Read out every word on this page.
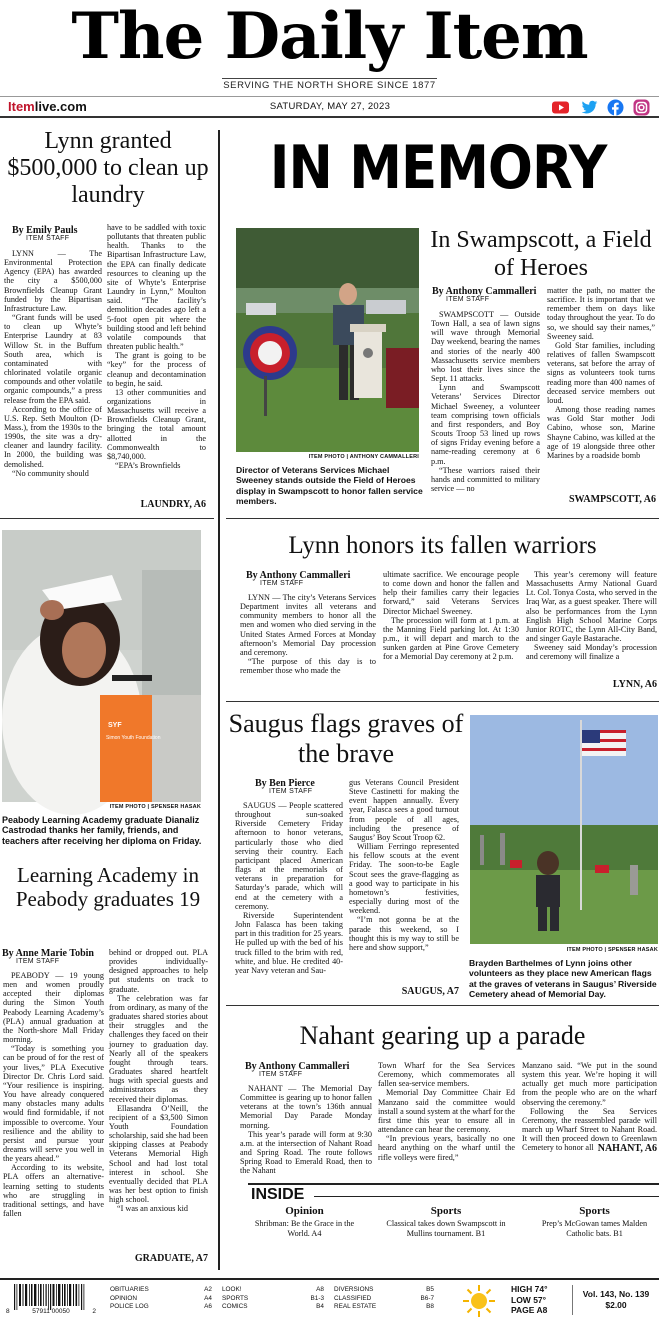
The Daily Item
SERVING THE NORTH SHORE SINCE 1877
Itemlive.com	SATURDAY, MAY 27, 2023
Lynn granted $500,000 to clean up laundry
By Emily Pauls
ITEM STAFF

LYNN — The Environmental Protection Agency (EPA) has awarded the city a $500,000 Brownfields Cleanup Grant funded by the Bipartisan Infrastructure Law.

“Grant funds will be used to clean up Whyte’s Enterprise Laundry at 83 Willow St. in the Buffum South area, which is contaminated with chlorinated volatile organic compounds and other volatile organic compounds,” a press release from the EPA said.

According to the office of U.S. Rep. Seth Moulton (D-Mass.), from the 1930s to the 1990s, the site was a dry-cleaner and laundry facility. In 2000, the building was demolished.

“No community should

have to be saddled with toxic pollutants that threaten public health. Thanks to the Bipartisan Infrastructure Law, the EPA can finally dedicate resources to cleaning up the site of Whyte’s Enterprise Laundry in Lynn,” Moulton said. “The facility’s demolition decades ago left a 5-foot open pit where the building stood and left behind volatile compounds that threaten public health.”

The grant is going to be “key” for the process of cleanup and decontamination to begin, he said.

13 other communities and organizations in Massachusetts will receive a Brownfields Cleanup Grant, bringing the total amount allotted in the Commonwealth to $8,740,000.

“EPA’s Brownfields

LAUNDRY, A6
SYF
Simon Youth Foundation
ITEM PHOTO | SPENSER HASAK
Peabody Learning Academy graduate Dianaliz Castrodad thanks her family, friends, and teachers after receiving her diploma on Friday.
Learning Academy in Peabody graduates 19
By Anne Marie Tobin
ITEM STAFF

PEABODY — 19 young men and women proudly accepted their diplomas during the Simon Youth Peabody Learning Academy’s (PLA) annual graduation at the North-shore Mall Friday morning.

“Today is something you can be proud of for the rest of your lives,” PLA Executive Director Dr. Chris Lord said. “Your resilience is inspiring. You have already conquered many obstacles many adults would find formidable, if not impossible to overcome. Your resilience and the ability to persist and pursue your dreams will serve you well in the years ahead.”

According to its website, PLA offers an alternative-learning setting to students who are struggling in traditional settings, and have fallen

behind or dropped out. PLA provides individually-designed approaches to help put students on track to graduate.

The celebration was far from ordinary, as many of the graduates shared stories about their struggles and the challenges they faced on their journey to graduation day. Nearly all of the speakers fought through tears. Graduates shared heartfelt hugs with special guests and administrators as they received their diplomas.

Ellasandra O’Neill, the recipient of a $3,500 Simon Youth Foundation scholarship, said she had been skipping classes at Peabody Veterans Memorial High School and had lost total interest in school. She eventually decided that PLA was her best option to finish high school.

“I was an anxious kid

GRADUATE, A7
IN MEMORY
ITEM PHOTO | ANTHONY CAMMALLERI
Director of Veterans Services Michael Sweeney stands outside the Field of Heroes display in Swampscott to honor fallen service members.
In Swampscott, a Field of Heroes
By Anthony Cammalleri
ITEM STAFF

SWAMPSCOTT — Outside Town Hall, a sea of lawn signs will wave through Memorial Day weekend, bearing the names and stories of the nearly 400 Massachusetts service members who lost their lives since the Sept. 11 attacks.

Lynn and Swampscott Veterans’ Services Director Michael Sweeney, a volunteer team comprising town officials and first responders, and Boy Scouts Troop 53 lined up rows of signs Friday evening before a name-reading ceremony at 6 p.m.

“These warriors raised their hands and committed to military service — no

matter the path, no matter the sacrifice. It is important that we remember them on days like today throughout the year. To do so, we should say their names,” Sweeney said.

Gold Star families, including relatives of fallen Swampscott veterans, sat before the array of signs as volunteers took turns reading more than 400 names of deceased service members out loud.

Among those reading names was Gold Star mother Jodi Cabino, whose son, Marine Shayne Cabino, was killed at the age of 19 alongside three other Marines by a roadside bomb

SWAMPSCOTT, A6
Lynn honors its fallen warriors
By Anthony Cammalleri
ITEM STAFF

LYNN — The city’s Veterans Services Department invites all veterans and community members to honor all the men and women who died serving in the United States Armed Forces at Monday afternoon’s Memorial Day procession and ceremony.

“The purpose of this day is to remember those who made the

ultimate sacrifice. We encourage people to come down and honor the fallen and help their families carry their legacies forward,” said Veterans Services Director Michael Sweeney.

The procession will form at 1 p.m. at the Manning Field parking lot. At 1:30 p.m., it will depart and march to the sunken garden at Pine Grove Cemetery for a Memorial Day ceremony at 2 p.m.

This year’s ceremony will feature Massachusetts Army National Guard Lt. Col. Tonya Costa, who served in the Iraq War, as a guest speaker. There will also be performances from the Lynn English High School Marine Corps Junior ROTC, the Lynn All-City Band, and singer Gayle Bastarache.

Sweeney said Monday’s procession and ceremony will finalize a

LYNN, A6
Saugus flags graves of the brave
By Ben Pierce
ITEM STAFF

SAUGUS — People scattered throughout sun-soaked Riverside Cemetery Friday afternoon to honor veterans, particularly those who died serving their country. Each participant placed American flags at the memorials of veterans in preparation for Saturday’s parade, which will end at the cemetery with a ceremony.

Riverside Superintendent John Falasca has been taking part in this tradition for 25 years. He pulled up with the bed of his truck filled to the brim with red, white, and blue. He credited 40-year Navy veteran and Sau-

gus Veterans Council President Steve Castinetti for making the event happen annually. Every year, Falasca sees a good turnout from people of all ages, including the presence of Saugus’ Boy Scout Troop 62.

William Ferringo represented his fellow scouts at the event Friday. The soon-to-be Eagle Scout sees the grave-flagging as a good way to participate in his hometown’s festivities, especially during most of the weekend.

“I’m not gonna be at the parade this weekend, so I thought this is my way to still be here and show support,”

SAUGUS, A7
ITEM PHOTO | SPENSER HASAK
Brayden Barthelmes of Lynn joins other volunteers as they place new American flags at the graves of veterans in Saugus’ Riverside Cemetery ahead of Memorial Day.
Nahant gearing up a parade
By Anthony Cammalleri
ITEM STAFF

NAHANT — The Memorial Day Committee is gearing up to honor fallen veterans at the town’s 136th annual Memorial Day Parade Monday morning.

This year’s parade will form at 9:30 a.m. at the intersection of Nahant Road and Spring Road. The route follows Spring Road to Emerald Road, then to the Nahant

Town Wharf for the Sea Services Ceremony, which commemorates all fallen sea-service members.

Memorial Day Committee Chair Ed Manzano said the committee would install a sound system at the wharf for the first time this year to ensure all in attendance can hear the ceremony.

“In previous years, basically no one heard anything on the wharf until the rifle volleys were fired,”

Manzano said. “We put in the sound system this year. We’re hoping it will actually get much more participation from the people who are on the wharf observing the ceremony.”

Following the Sea Services Ceremony, the reassembled parade will march up Wharf Street to Nahant Road. It will then proceed down to Greenlawn Cemetery to honor all NAHANT, A6
INSIDE
Opinion
Shribman: Be the Grace in the World. A4
Sports
Classical takes down Swampscott in Mullins tournament. B1
Sports
Prep’s McGowan tames Malden Catholic bats. B1
8	57911 00050	2
OBITUARIES	A2
OPINION	A4
POLICE LOG	A6
LOOK!	A8
SPORTS	B1-3
COMICS	B4
DIVERSIONS	B5
CLASSIFIED	B6-7
REAL ESTATE	B8
HIGH 74°
LOW 57°
PAGE A8
Vol. 143, No. 139
$2.00
